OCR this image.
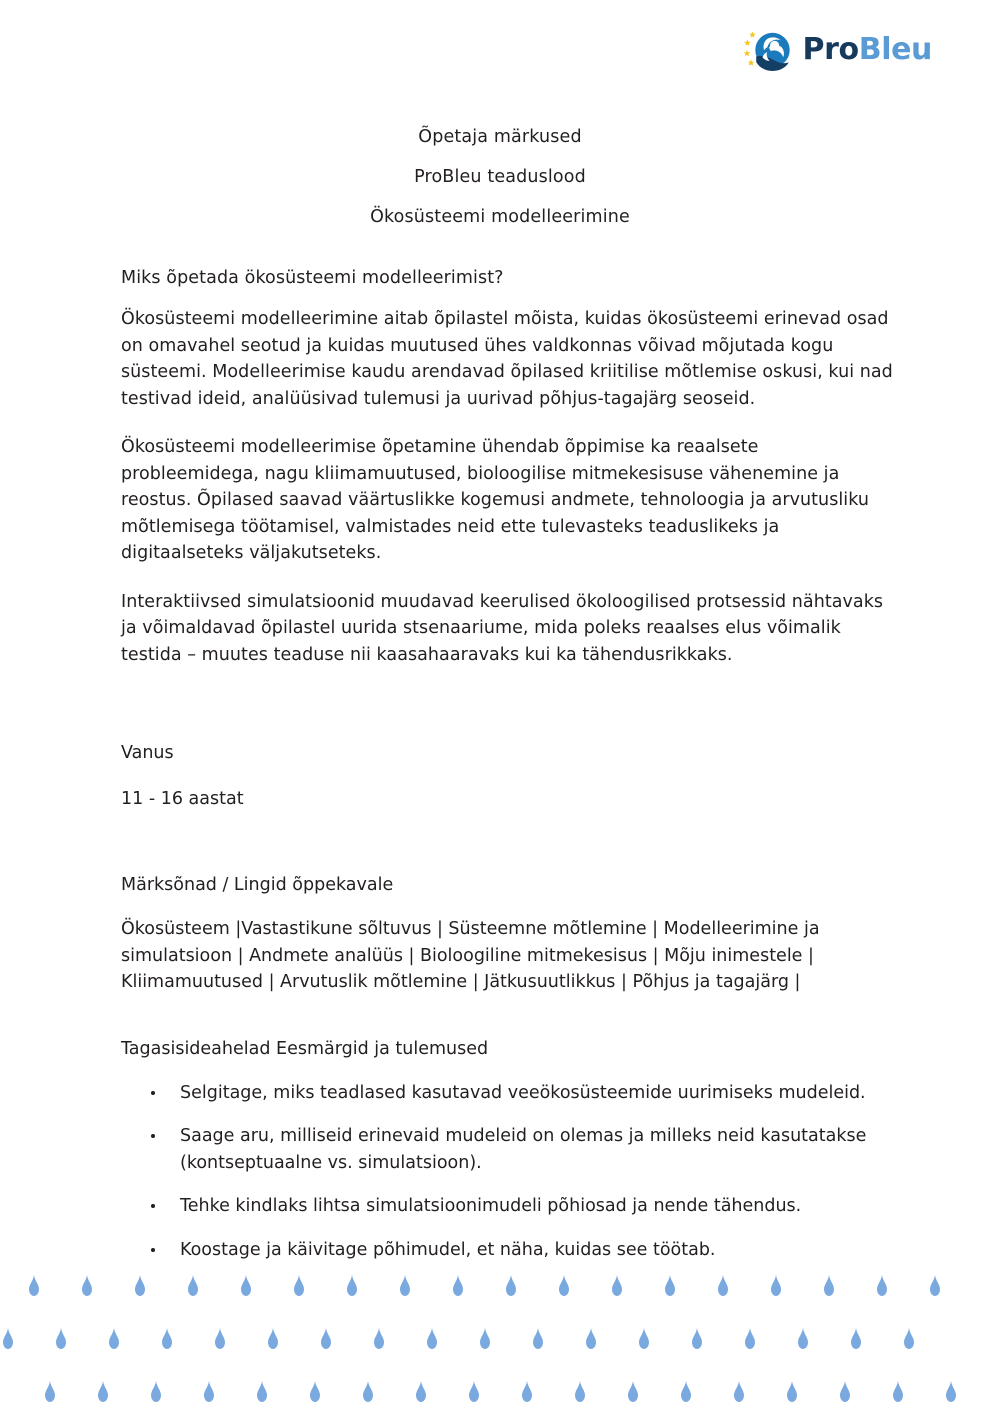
ProBleu
Õpetaja märkused
ProBleu teaduslood
Ökosüsteemi modelleerimine
Miks õpetada ökosüsteemi modelleerimist?

Ökosüsteemi modelleerimine aitab õpilastel mõista, kuidas ökosüsteemi erinevad osad on omavahel seotud ja kuidas muutused ühes valdkonnas võivad mõjutada kogu süsteemi. Modelleerimise kaudu arendavad õpilased kriitilise mõtlemise oskusi, kui nad testivad ideid, analüüsivad tulemusi ja uurivad põhjus-tagajärg seoseid.

Ökosüsteemi modelleerimise õpetamine ühendab õppimise ka reaalsete probleemidega, nagu kliimamuutused, bioloogilise mitmekesisuse vähenemine ja reostus. Õpilased saavad väärtuslikke kogemusi andmete, tehnoloogia ja arvutusliku mõtlemisega töötamisel, valmistades neid ette tulevasteks teaduslikeks ja digitaalseteks väljakutseteks.

Interaktiivsed simulatsioonid muudavad keerulised ökoloogilised protsessid nähtavaks ja võimaldavad õpilastel uurida stsenaariume, mida poleks reaalses elus võimalik testida – muutes teaduse nii kaasahaaravaks kui ka tähendusrikkaks.

Vanus
11 - 16 aastat
Märksõnad / Lingid õppekavale

Ökosüsteem |Vastastikune sõltuvus | Süsteemne mõtlemine | Modelleerimine ja simulatsioon | Andmete analüüs | Bioloogiline mitmekesisus | Mõju inimestele | Kliimamuutused | Arvutuslik mõtlemine | Jätkusuutlikkus | Põhjus ja tagajärg |

Tagasisideahelad Eesmärgid ja tulemused
Selgitage, miks teadlased kasutavad veeökosüsteemide uurimiseks mudeleid.
Saage aru, milliseid erinevaid mudeleid on olemas ja milleks neid kasutatakse (kontseptuaalne vs. simulatsioon).
Tehke kindlaks lihtsa simulatsioonimudeli põhiosad ja nende tähendus.
Koostage ja käivitage põhimudel, et näha, kuidas see töötab.
